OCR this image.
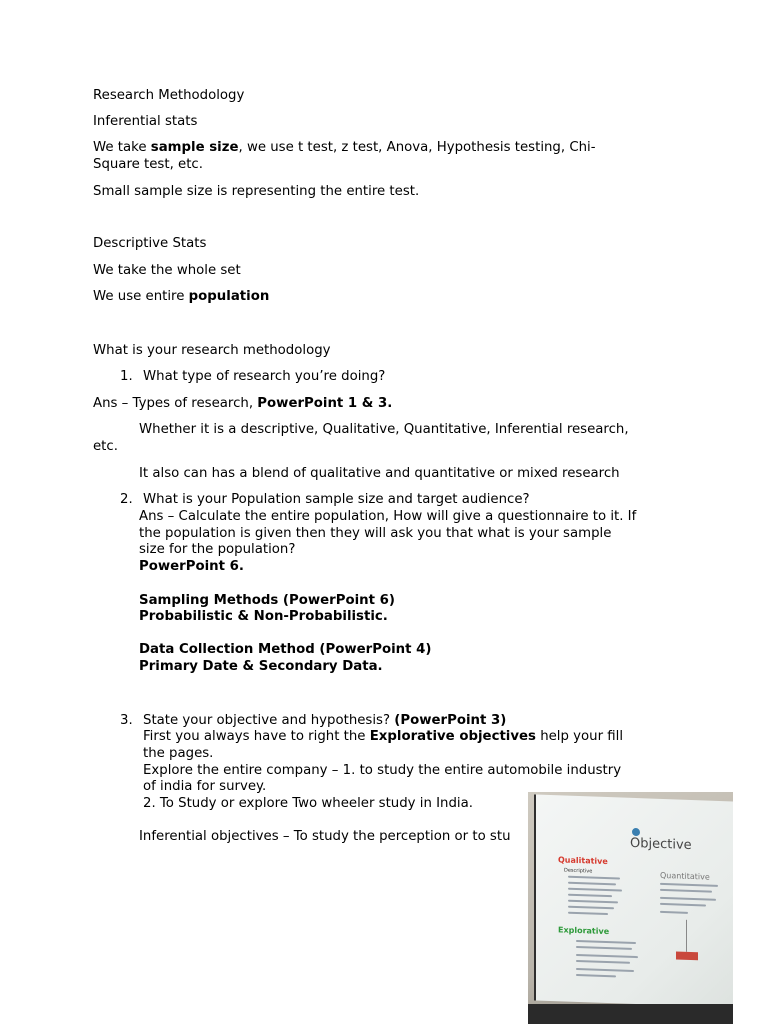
Research Methodology
Inferential stats
We take sample size, we use t test, z test, Anova, Hypothesis testing, Chi-
Square test, etc.
Small sample size is representing the entire test.
Descriptive Stats
We take the whole set
We use entire population
What is your research methodology
1. What type of research you’re doing?
Ans – Types of research, PowerPoint 1 & 3.
Whether it is a descriptive, Qualitative, Quantitative, Inferential research,
etc.
It also can has a blend of qualitative and quantitative or mixed research
2. What is your Population sample size and target audience?
Ans – Calculate the entire population, How will give a questionnaire to it. If
the population is given then they will ask you that what is your sample
size for the population?
PowerPoint 6.
Sampling Methods (PowerPoint 6)
Probabilistic & Non-Probabilistic.
Data Collection Method (PowerPoint 4)
Primary Date & Secondary Data.
3. State your objective and hypothesis? (PowerPoint 3)
First you always have to right the Explorative objectives help your fill
the pages.
Explore the entire company – 1. to study the entire automobile industry
of india for survey.
2. To Study or explore Two wheeler study in India.
Inferential objectives – To study the perception or to stu	Objective
Qualitative
Descriptive	Quantitative
Explorative
